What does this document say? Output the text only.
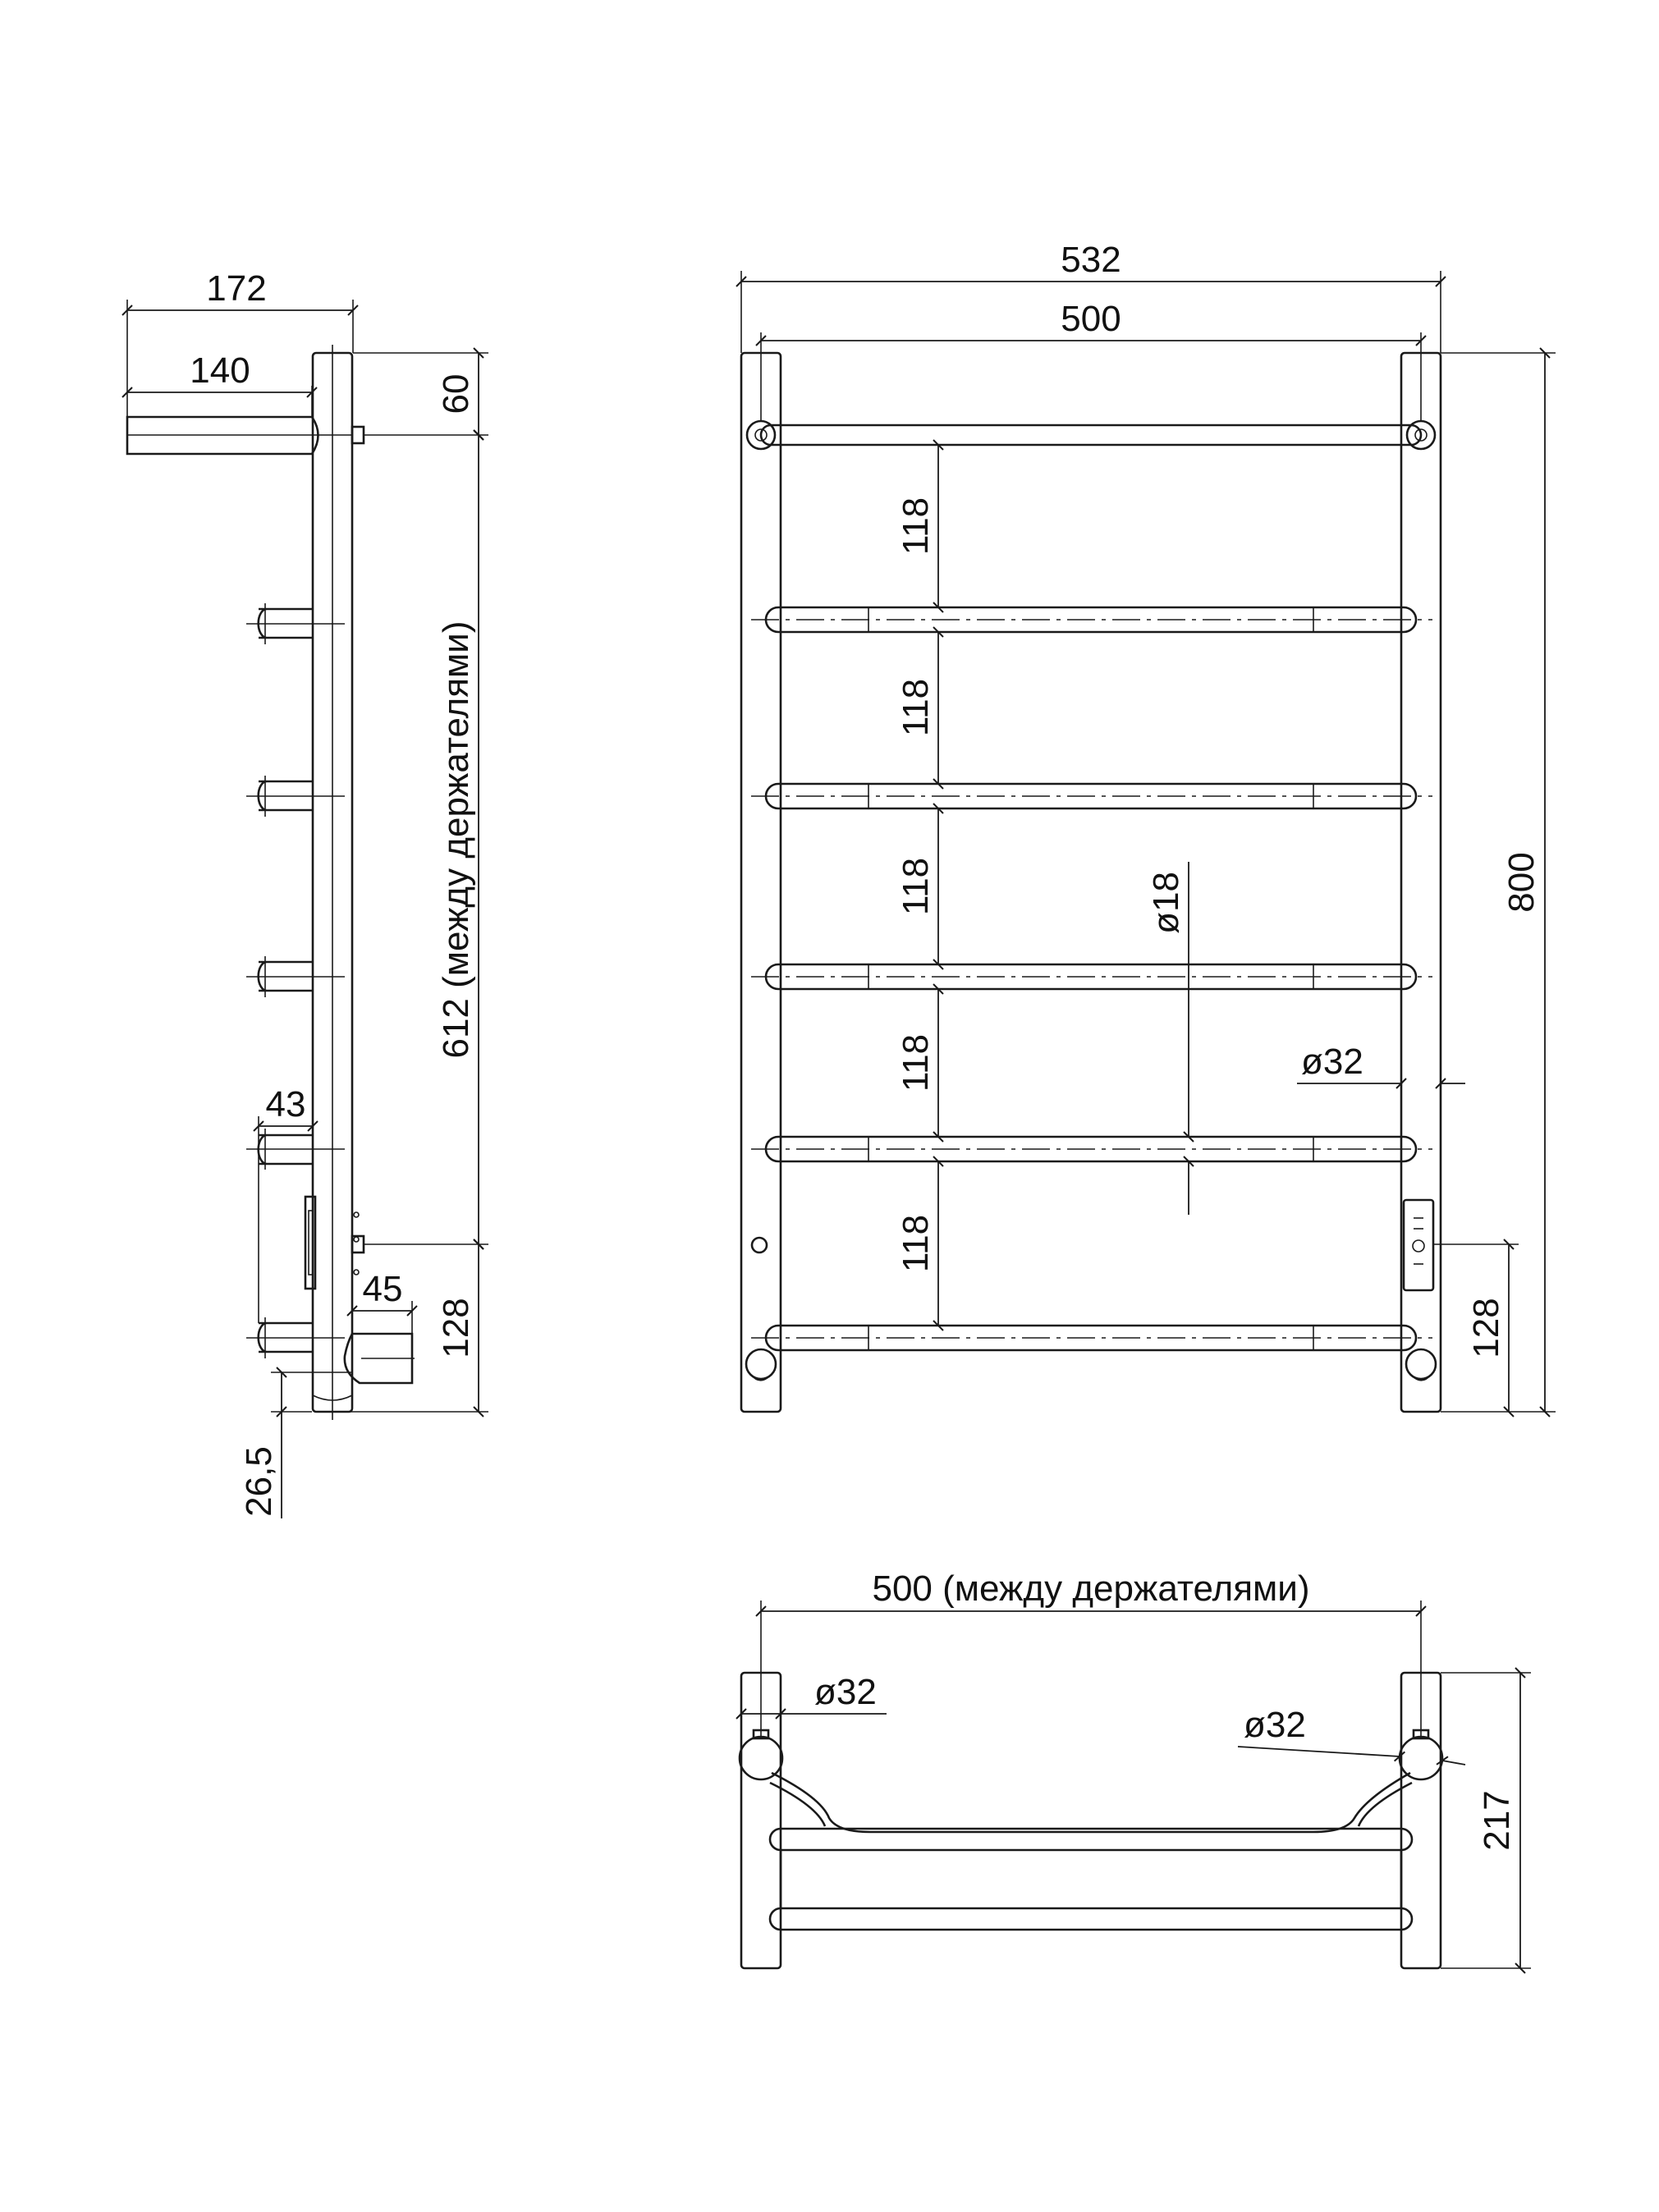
172
140
60
612 (между держателями)
128
43
45
26,5
532
500
118
118
118
118
118
ø18
ø32
800
128
500 (между держателями)
ø32
ø32
217
